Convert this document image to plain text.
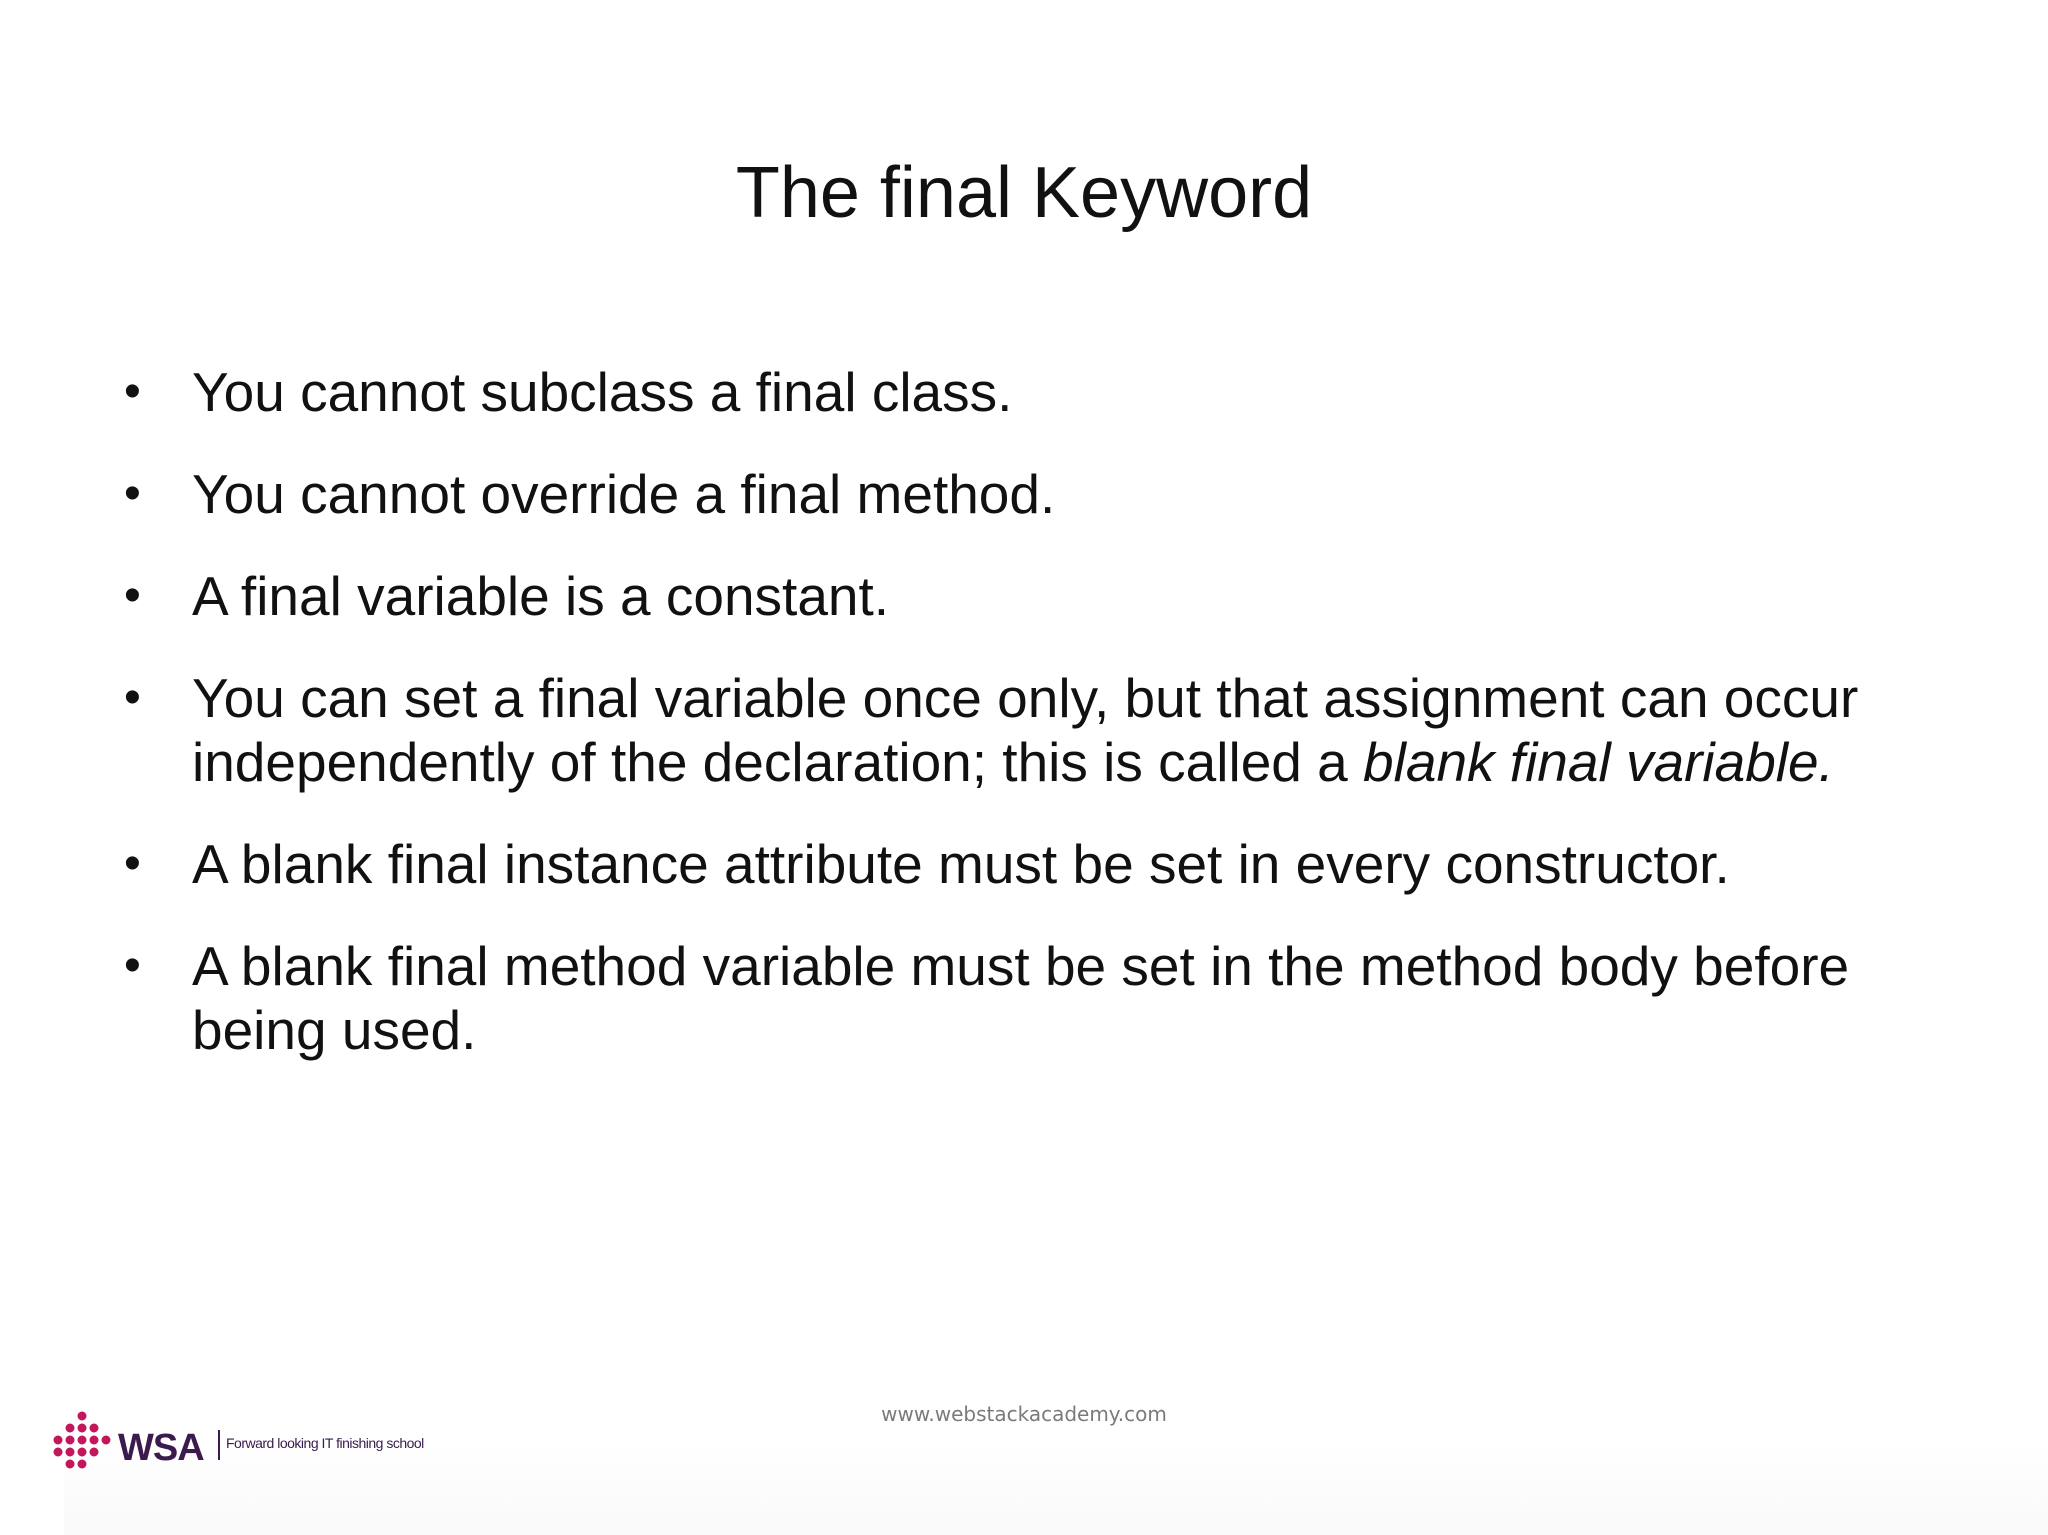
The final Keyword
• You cannot subclass a final class.
• You cannot override a final method.
• A final variable is a constant.
• You can set a final variable once only, but that assignment can occur independently of the declaration; this is called a blank final variable.
• A blank final instance attribute must be set in every constructor.
• A blank final method variable must be set in the method body before being used.
www.webstackacademy.com
WSA Forward looking IT finishing school
